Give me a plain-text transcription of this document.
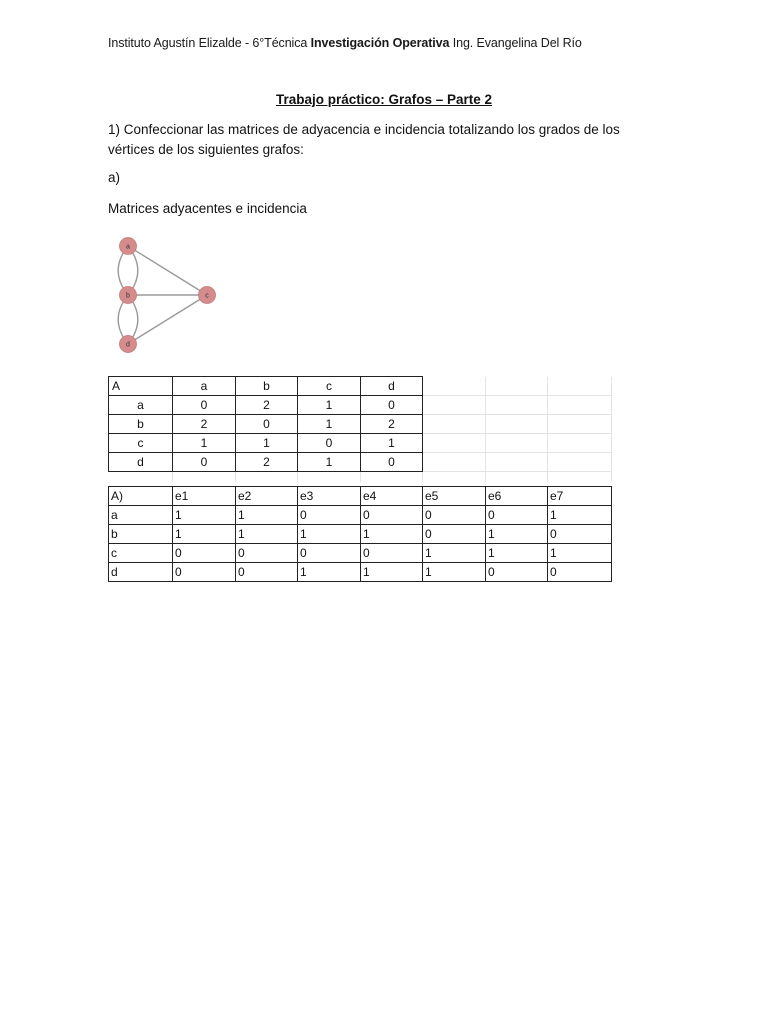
Instituto Agustín Elizalde - 6°Técnica Investigación Operativa Ing. Evangelina Del Río
Trabajo práctico: Grafos – Parte 2
1) Confeccionar las matrices de adyacencia e incidencia totalizando los grados de los vértices de los siguientes grafos:
a)
Matrices adyacentes e incidencia
a
b	c
d
A	a	b	c	d			
a	0	2	1	0			
b	2	0	1	2			
c	1	1	0	1			
d	0	2	1	0			

A)	e1	e2	e3	e4	e5	e6	e7
a	1	1	0	0	0	0	1
b	1	1	1	1	0	1	0
c	0	0	0	0	1	1	1
d	0	0	1	1	1	0	0
